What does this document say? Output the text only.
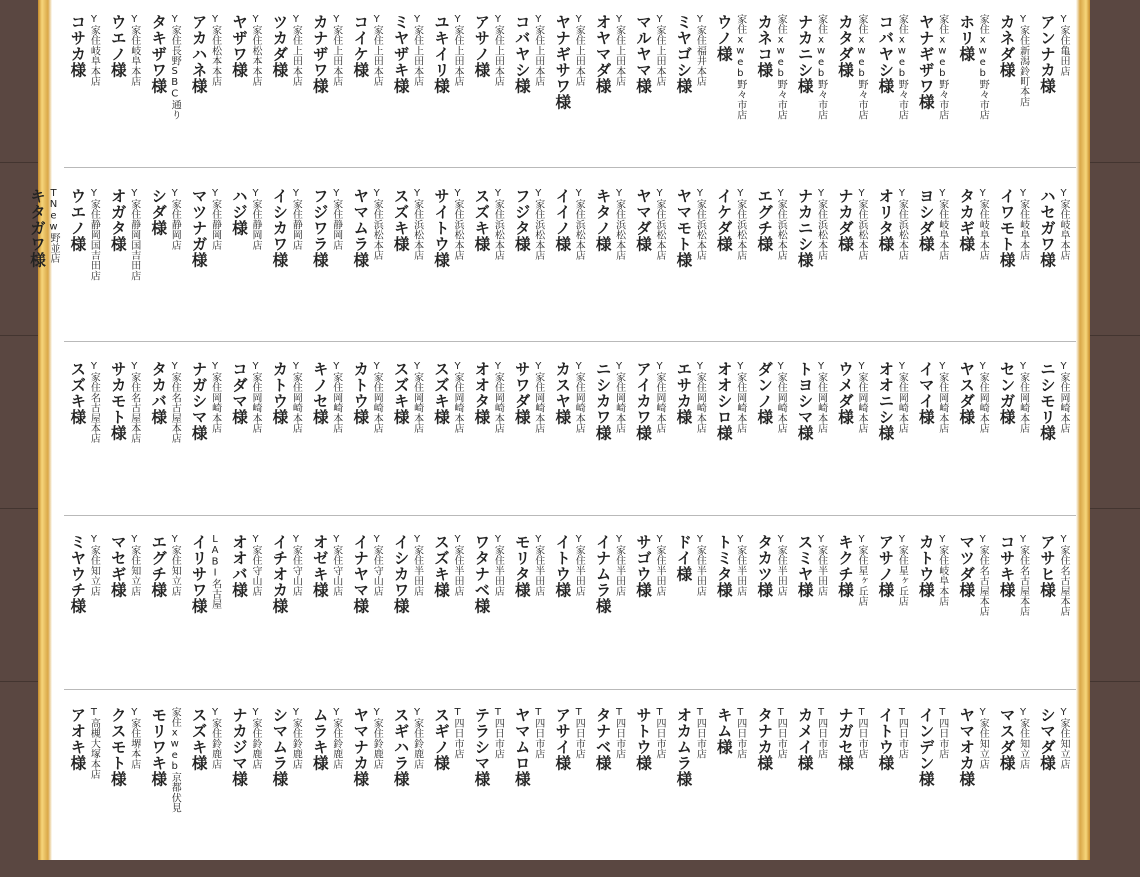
Y家住亀田店
アンナカ様
Y家住新潟鈴町本店
カネダ様
家住xweb野々市店
ホリ様
家住xweb野々市店
ヤナギザワ様
家住xweb野々市店
コバヤシ様
家住xweb野々市店
カタダ様
家住xweb野々市店
ナカニシ様
家住xweb野々市店
カネコ様
家住xweb野々市店
ウノ様
Y家住福井本店
ミヤゴシ様
Y家住上田本店
マルヤマ様
Y家住上田本店
オヤマダ様
Y家住上田本店
ヤナギサワ様
Y家住上田本店
コバヤシ様
Y家住上田本店
アサノ様
Y家住上田本店
ユキイリ様
Y家住上田本店
ミヤザキ様
Y家住上田本店
コイケ様
Y家住上田本店
カナザワ様
Y家住上田本店
ツカダ様
Y家住松本本店
ヤザワ様
Y家住松本本店
アカハネ様
Y家住長野SBC通り
タキザワ様
Y家住岐阜本店
ウエノ様
Y家住岐阜本店
コサカ様
Y家住岐阜本店
ハセガワ様
Y家住岐阜本店
イワモト様
Y家住岐阜本店
タカギ様
Y家住岐阜本店
ヨシダ様
Y家住浜松本店
オリタ様
Y家住浜松本店
ナカダ様
Y家住浜松本店
ナカニシ様
Y家住浜松本店
エグチ様
Y家住浜松本店
イケダ様
Y家住浜松本店
ヤマモト様
Y家住浜松本店
ヤマダ様
Y家住浜松本店
キタノ様
Y家住浜松本店
イイノ様
Y家住浜松本店
フジタ様
Y家住浜松本店
スズキ様
Y家住浜松本店
サイトウ様
Y家住浜松本店
スズキ様
Y家住浜松本店
ヤマムラ様
Y家住静岡店
フジワラ様
Y家住静岡店
イシカワ様
Y家住静岡店
ハジ様
Y家住静岡店
マツナガ様
Y家住静岡店
シダ様
Y家住静岡国吉田店
オガタ様
Y家住静岡国吉田店
ウエノ様
TNew野並店
キタガワ様
Y家住岡崎本店
ニシモリ様
Y家住岡崎本店
センガ様
Y家住岡崎本店
ヤスダ様
Y家住岡崎本店
イマイ様
Y家住岡崎本店
オオニシ様
Y家住岡崎本店
ウメダ様
Y家住岡崎本店
トヨシマ様
Y家住岡崎本店
ダンノ様
Y家住岡崎本店
オオシロ様
Y家住岡崎本店
エサカ様
Y家住岡崎本店
アイカワ様
Y家住岡崎本店
ニシカワ様
Y家住岡崎本店
カスヤ様
Y家住岡崎本店
サワダ様
Y家住岡崎本店
オオタ様
Y家住岡崎本店
スズキ様
Y家住岡崎本店
スズキ様
Y家住岡崎本店
カトウ様
Y家住岡崎本店
キノセ様
Y家住岡崎本店
カトウ様
Y家住岡崎本店
コダマ様
Y家住岡崎本店
ナガシマ様
Y家住名古屋本店
タカバ様
Y家住名古屋本店
サカモト様
Y家住名古屋本店
スズキ様
Y家住名古屋本店
アサヒ様
Y家住名古屋本店
コサキ様
Y家住名古屋本店
マツダ様
Y家住岐阜本店
カトウ様
Y家住星ヶ丘店
アサノ様
Y家住星ヶ丘店
キクチ様
Y家住半田店
スミヤ様
Y家住半田店
タカツ様
Y家住半田店
トミタ様
Y家住半田店
ドイ様
Y家住半田店
サゴウ様
Y家住半田店
イナムラ様
Y家住半田店
イトウ様
Y家住半田店
モリタ様
Y家住半田店
ワタナベ様
Y家住半田店
スズキ様
Y家住半田店
イシカワ様
Y家住守山店
イナヤマ様
Y家住守山店
オゼキ様
Y家住守山店
イチオカ様
Y家住守山店
オオバ様
LABI名古屋
イリサワ様
Y家住知立店
エグチ様
Y家住知立店
マセギ様
Y家住知立店
ミヤウチ様
Y家住知立店
シマダ様
Y家住知立店
マスダ様
Y家住知立店
ヤマオカ様
T四日市店
インデン様
T四日市店
イトウ様
T四日市店
ナガセ様
T四日市店
カメイ様
T四日市店
タナカ様
T四日市店
キム様
T四日市店
オカムラ様
T四日市店
サトウ様
T四日市店
タナベ様
T四日市店
アサイ様
T四日市店
ヤマムロ様
T四日市店
テラシマ様
T四日市店
スギノ様
Y家住鈴鹿店
スギハラ様
Y家住鈴鹿店
ヤマナカ様
Y家住鈴鹿店
ムラキ様
Y家住鈴鹿店
シマムラ様
Y家住鈴鹿店
ナカジマ様
Y家住鈴鹿店
スズキ様
家住xweb京都伏見
モリワキ様
Y家住堺本店
クスモト様
T高槻大塚本店
アオキ様
